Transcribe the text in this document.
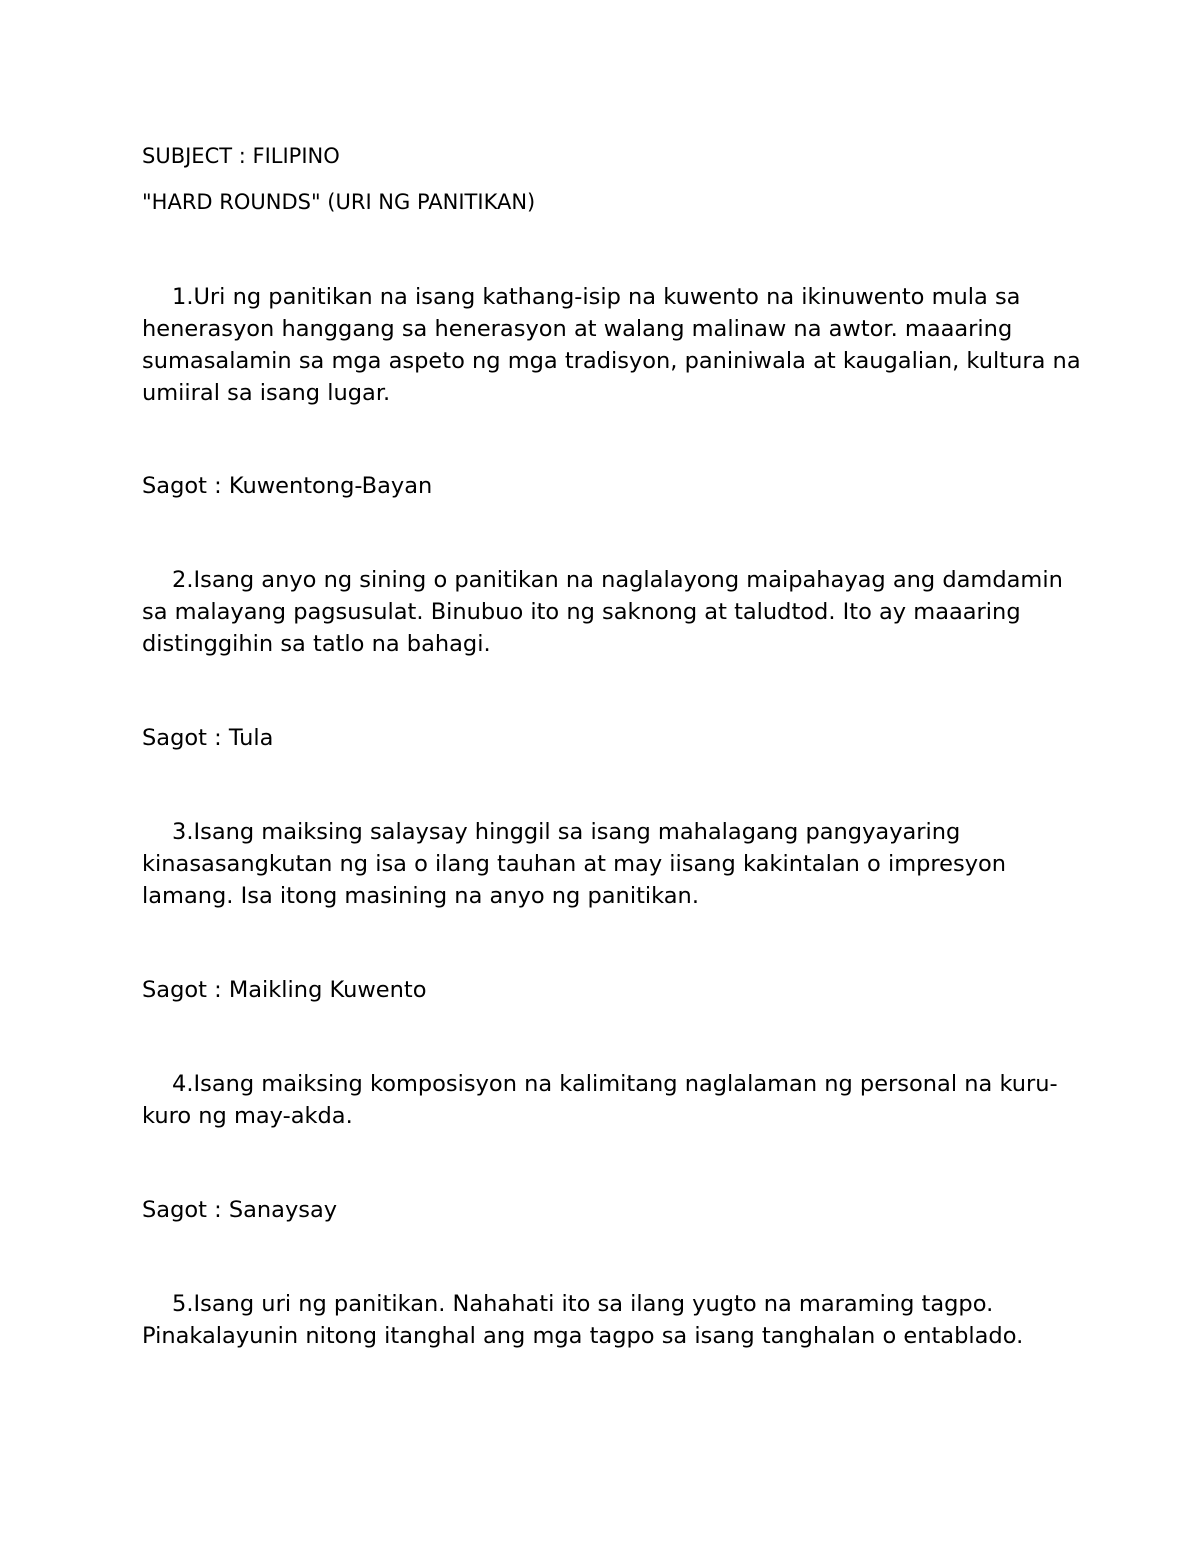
SUBJECT : FILIPINO
"HARD ROUNDS" (URI NG PANITIKAN)

1.Uri ng panitikan na isang kathang-isip na kuwento na ikinuwento mula sa henerasyon hanggang sa henerasyon at walang malinaw na awtor. maaaring sumasalamin sa mga aspeto ng mga tradisyon, paniniwala at kaugalian, kultura na umiiral sa isang lugar.

Sagot : Kuwentong-Bayan

2.Isang anyo ng sining o panitikan na naglalayong maipahayag ang damdamin sa malayang pagsusulat. Binubuo ito ng saknong at taludtod. Ito ay maaaring distinggihin sa tatlo na bahagi.

Sagot : Tula

3.Isang maiksing salaysay hinggil sa isang mahalagang pangyayaring kinasasangkutan ng isa o ilang tauhan at may iisang kakintalan o impresyon lamang. Isa itong masining na anyo ng panitikan.

Sagot : Maikling Kuwento

4.Isang maiksing komposisyon na kalimitang naglalaman ng personal na kuru-kuro ng may-akda.

Sagot : Sanaysay

5.Isang uri ng panitikan. Nahahati ito sa ilang yugto na maraming tagpo. Pinakalayunin nitong itanghal ang mga tagpo sa isang tanghalan o entablado.
